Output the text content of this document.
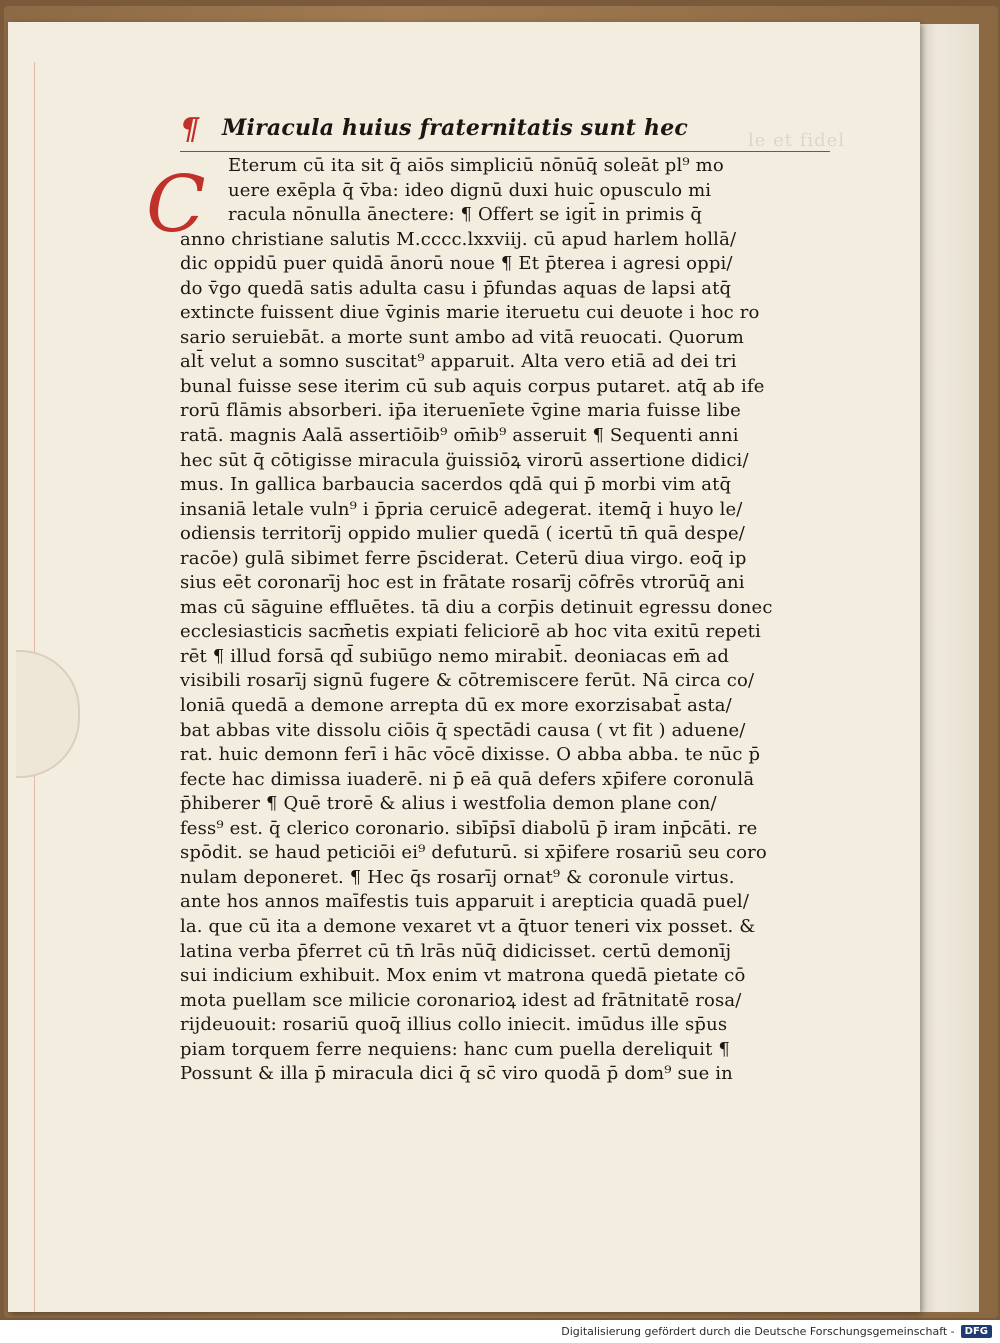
le et fidel
¶ Miracula huius fraternitatis sunt hec
C	Eterum cū ita sit q̄ aiōs simpliciū nōnūq̄ soleāt pl⁹ mo
uere exēpla q̄ v̄ba: ideo dignū duxi huic opusculo mi
racula nōnulla ānectere: ¶ Offert se igit̄ in primis q̄
anno christiane salutis M.cccc.lxxviij. cū apud harlem hollā/
dic oppidū puer quidā ānorū noue ¶ Et p̄terea i agresi oppi/
do v̄go quedā satis adulta casu i p̄fundas aquas de lapsi atq̄
extincte fuissent diue v̄ginis marie iteruetu cui deuote i hoc ro
sario seruiebāt. a morte sunt ambo ad vitā reuocati. Quorum
alt̄ velut a somno suscitat⁹ apparuit. Alta vero etiā ad dei tri
bunal fuisse sese iterim cū sub aquis corpus putaret. atq̄ ab ife
rorū flāmis absorberi. ip̄a iteruenīete v̄gine maria fuisse libe
ratā. magnis Aalā assertiōib⁹ om̄ib⁹ asseruit ¶ Sequenti anni
hec sūt q̄ cōtigisse miracula g̈uissiōꝝ virorū assertione didici/
mus. In gallica barbaucia sacerdos qdā qui p̄ morbi vim atq̄
insaniā letale vuln⁹ i p̄pria ceruicē adegerat. itemq̄ i huyo le/
odiensis territorīj oppido mulier quedā ( icertū tn̄ quā despe/
racōe) gulā sibimet ferre p̄sciderat. Ceterū diua virgo. eoq̄ ip
sius eēt coronarīj hoc est in frātate rosarīj cōfrēs vtrorūq̄ ani
mas cū sāguine effluētes. tā diu a corp̄is detinuit egressu donec
ecclesiasticis sacm̄etis expiati feliciorē ab hoc vita exitū repeti
rēt ¶ illud forsā qd̄ subiūgo nemo mirabit̄. deoniacas em̄ ad
visibili rosarīj signū fugere & cōtremiscere ferūt. Nā circa co/
loniā quedā a demone arrepta dū ex more exorzisabat̄ asta/
bat abbas vite dissolu ciōis q̄ spectādi causa ( vt fit ) aduene/
rat. huic demonn ferī i hāc vōcē dixisse. O abba abba. te nūc p̄
fecte hac dimissa iuaderē. ni p̄ eā quā defers xp̄ifere coronulā
p̄hiberer ¶ Quē trorē & alius i westfolia demon plane con/
fess⁹ est. q̄ clerico coronario. sibīp̄sī diabolū p̄ iram inp̄cāti. re
spōdit. se haud peticiōi ei⁹ defuturū. si xp̄ifere rosariū seu coro
nulam deponeret. ¶ Hec q̄s rosarīj ornat⁹ & coronule virtus.
ante hos annos maīfestis tuis apparuit i arepticia quadā puel/
la. que cū ita a demone vexaret vt a q̄tuor teneri vix posset. &
latina verba p̄ferret cū tn̄ lrās nūq̄ didicisset. certū demonīj
sui indicium exhibuit. Mox enim vt matrona quedā pietate cō
mota puellam sce milicie coronarioꝝ idest ad frātnitatē rosa/
rijdeuouit: rosariū quoq̄ illius collo iniecit. imūdus ille sp̄us
piam torquem ferre nequiens: hanc cum puella dereliquit ¶
Possunt & illa p̄ miracula dici q̄ sc̄ viro quodā p̄ dom⁹ sue in
Digitalisierung gefördert durch die Deutsche Forschungsgemeinschaft -	DFG
